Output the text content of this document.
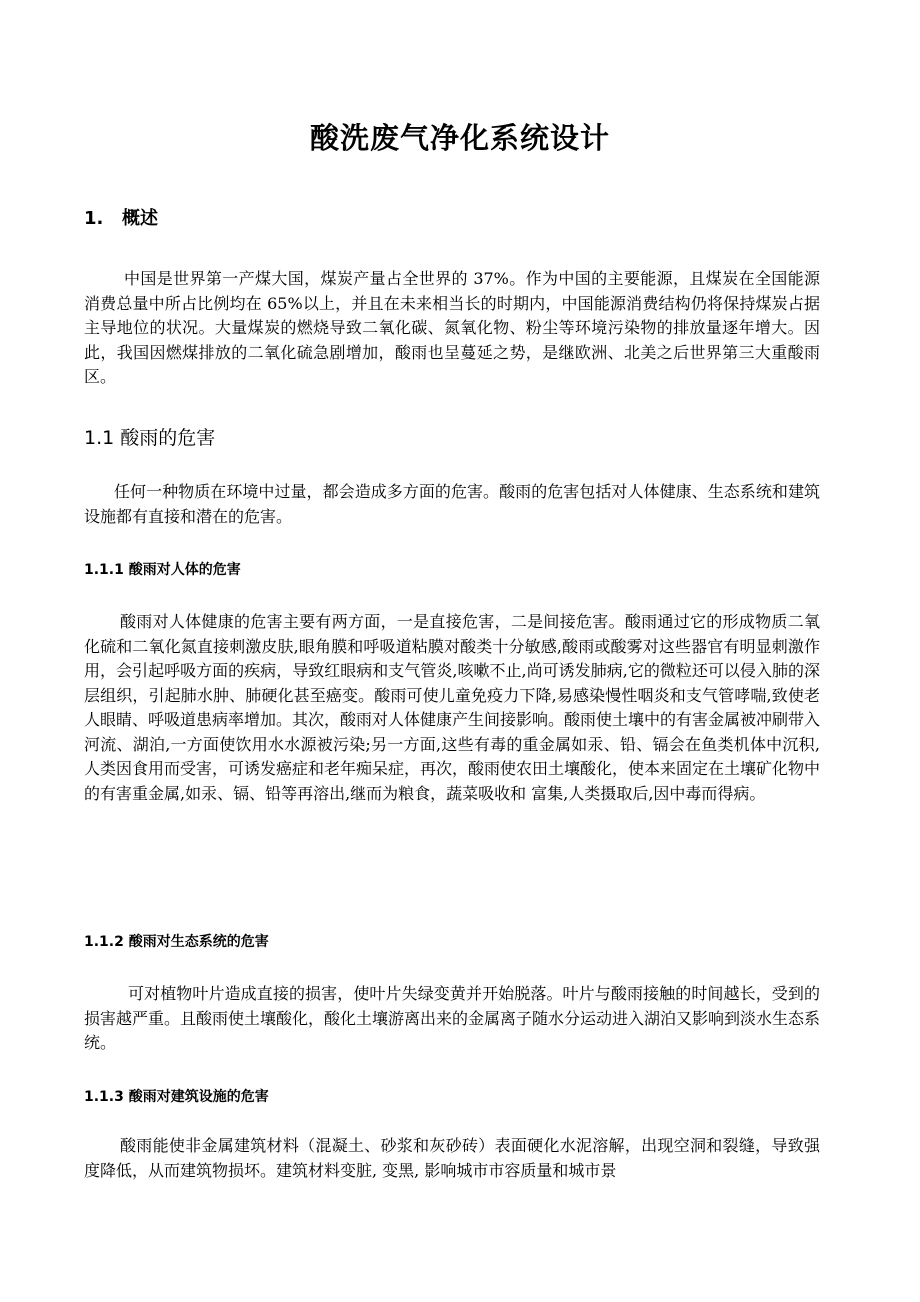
酸洗废气净化系统设计
1. 概述

中国是世界第一产煤大国，煤炭产量占全世界的 37%。作为中国的主要能源，且煤炭在全国能源消费总量中所占比例均在 65%以上，并且在未来相当长的时期内，中国能源消费结构仍将保持煤炭占据主导地位的状况。大量煤炭的燃烧导致二氧化碳、氮氧化物、粉尘等环境污染物的排放量逐年增大。因此，我国因燃煤排放的二氧化硫急剧增加，酸雨也呈蔓延之势，是继欧洲、北美之后世界第三大重酸雨区。

1.1 酸雨的危害

任何一种物质在环境中过量，都会造成多方面的危害。酸雨的危害包括对人体健康、生态系统和建筑设施都有直接和潜在的危害。

1.1.1 酸雨对人体的危害

酸雨对人体健康的危害主要有两方面，一是直接危害，二是间接危害。酸雨通过它的形成物质二氧化硫和二氧化氮直接刺激皮肤,眼角膜和呼吸道粘膜对酸类十分敏感,酸雨或酸雾对这些器官有明显刺激作用，会引起呼吸方面的疾病，导致红眼病和支气管炎,咳嗽不止,尚可诱发肺病,它的微粒还可以侵入肺的深层组织，引起肺水肿、肺硬化甚至癌变。酸雨可使儿童免疫力下降,易感染慢性咽炎和支气管哮喘,致使老人眼睛、呼吸道患病率增加。其次，酸雨对人体健康产生间接影响。酸雨使土壤中的有害金属被冲刷带入河流、湖泊,一方面使饮用水水源被污染;另一方面,这些有毒的重金属如汞、铅、镉会在鱼类机体中沉积,人类因食用而受害，可诱发癌症和老年痴呆症，再次，酸雨使农田土壤酸化，使本来固定在土壤矿化物中的有害重金属,如汞、镉、铅等再溶出,继而为粮食，蔬菜吸收和 富集,人类摄取后,因中毒而得病。

1.1.2 酸雨对生态系统的危害

可对植物叶片造成直接的损害，使叶片失绿变黄并开始脱落。叶片与酸雨接触的时间越长，受到的损害越严重。且酸雨使土壤酸化，酸化土壤游离出来的金属离子随水分运动进入湖泊又影响到淡水生态系统。

1.1.3 酸雨对建筑设施的危害

酸雨能使非金属建筑材料（混凝土、砂浆和灰砂砖）表面硬化水泥溶解，出现空洞和裂缝，导致强度降低，从而建筑物损坏。建筑材料变脏, 变黑, 影响城市市容质量和城市景
